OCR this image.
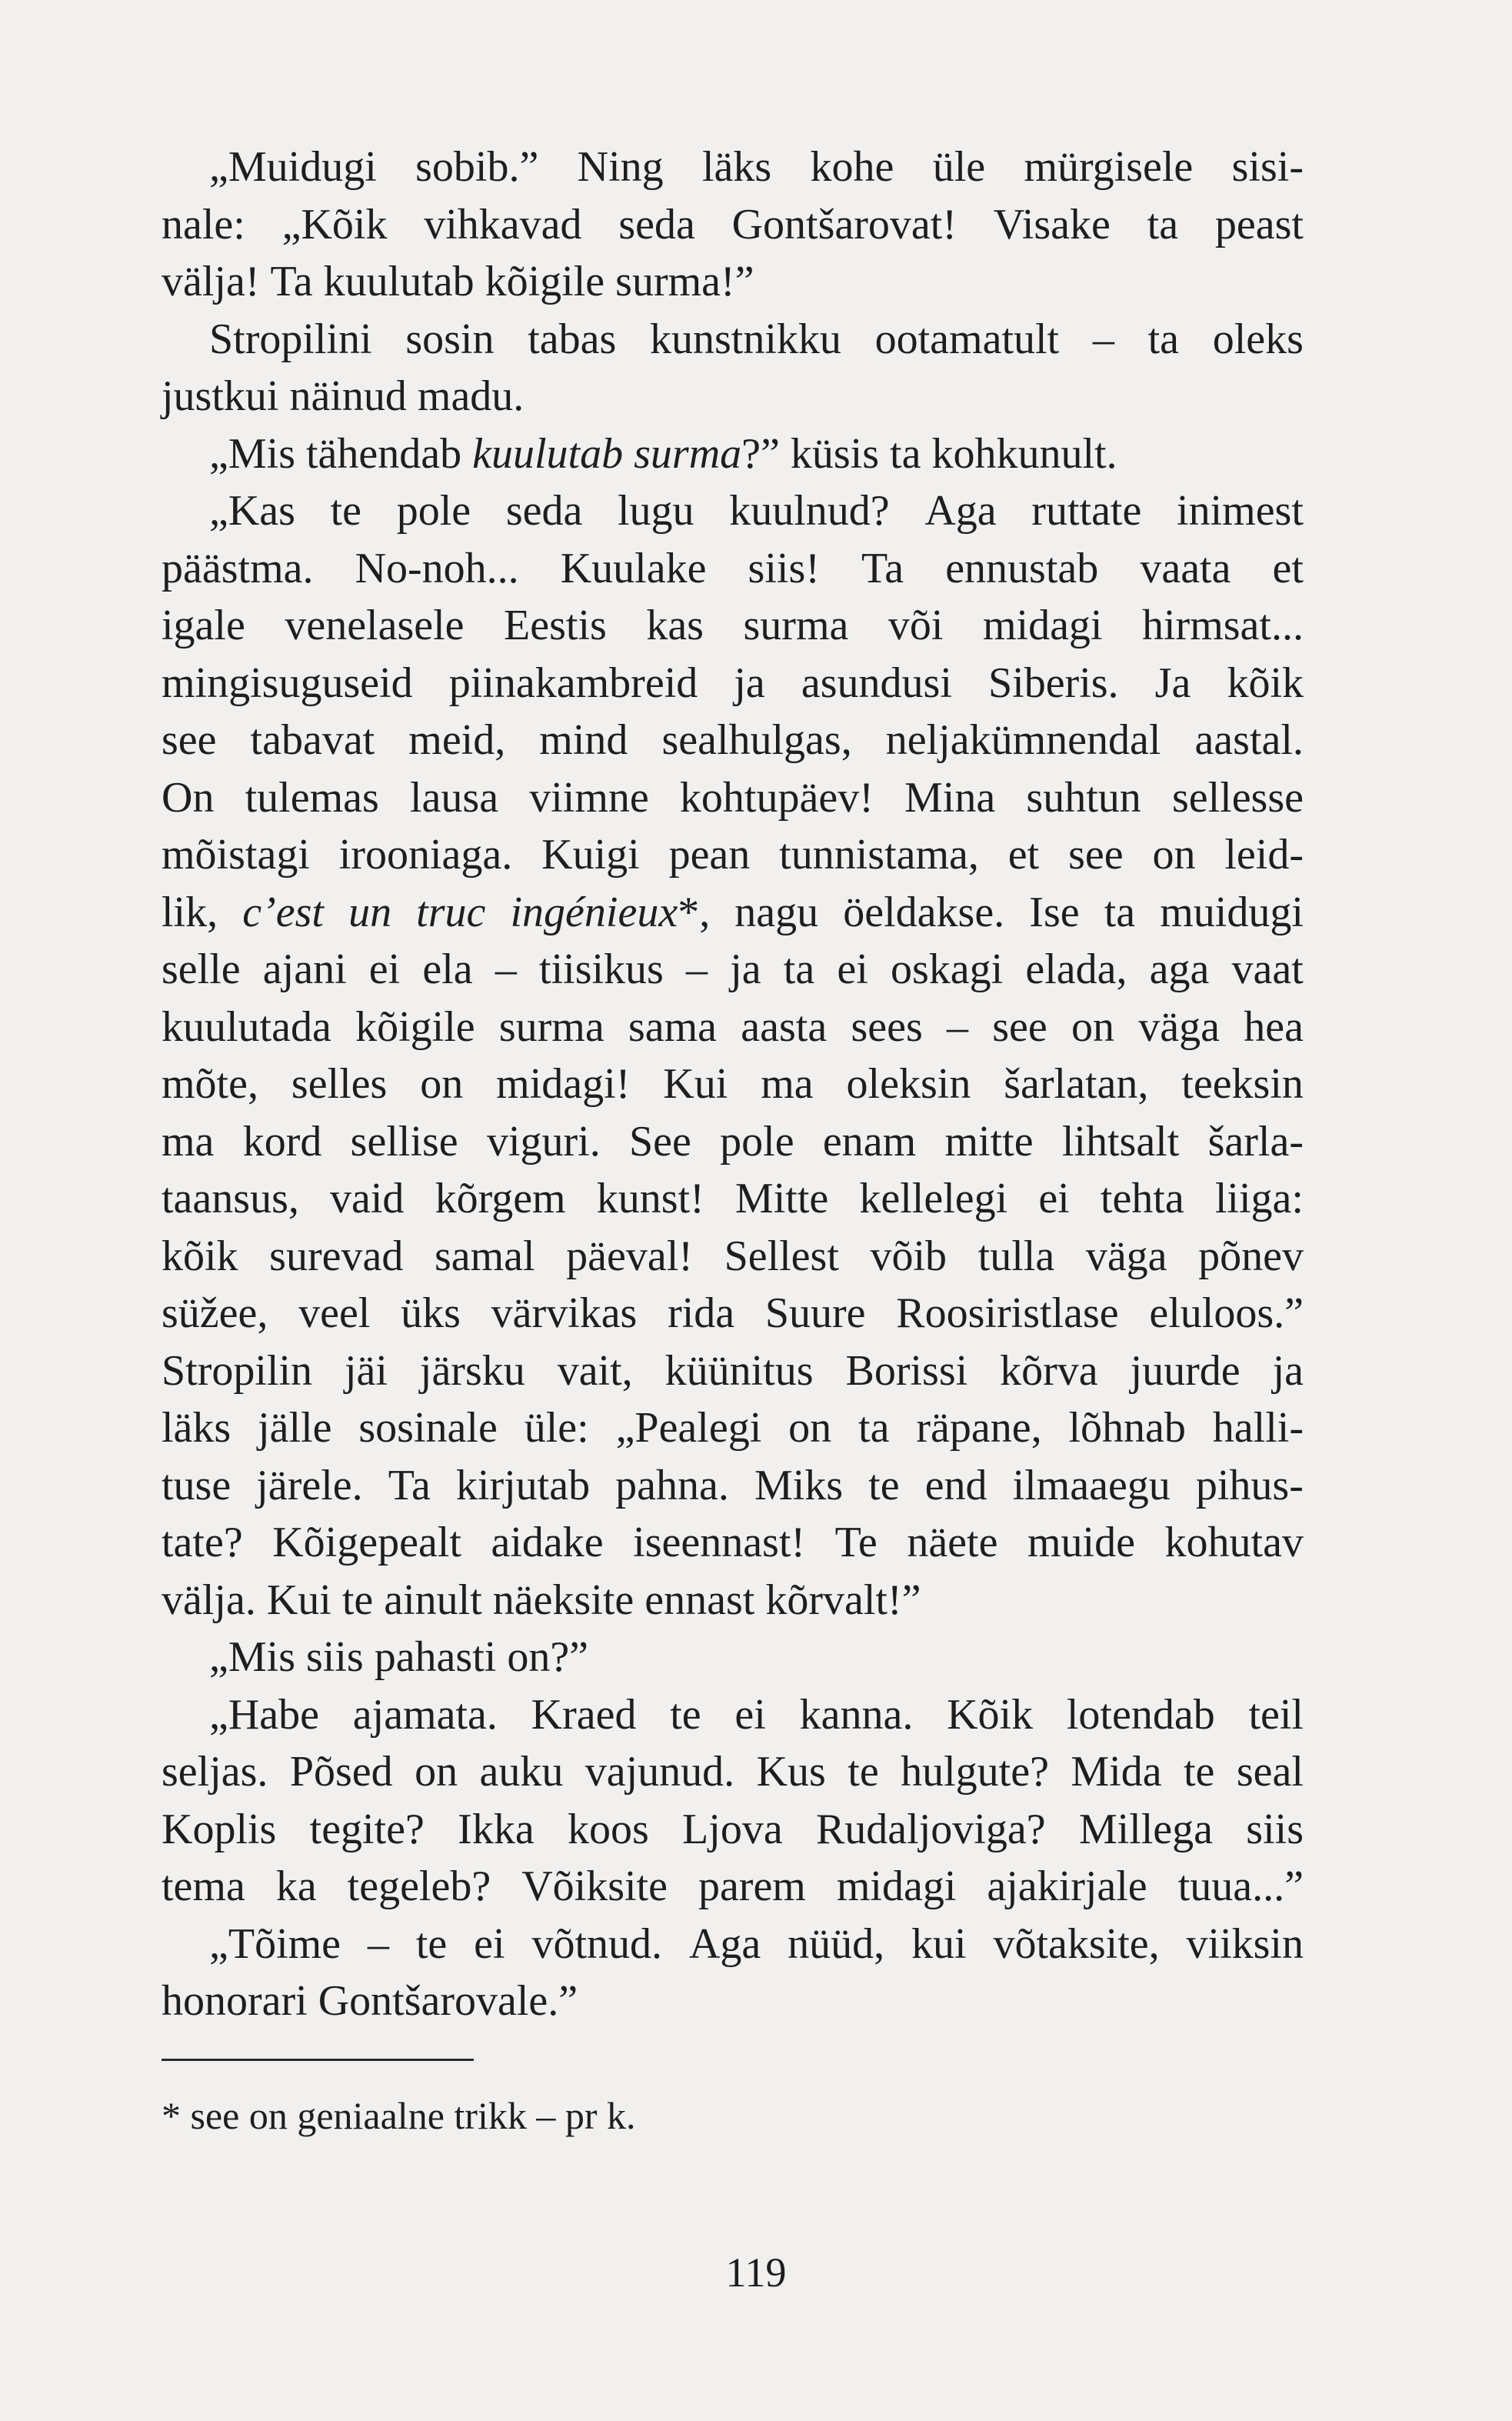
„Muidugi sobib.” Ning läks kohe üle mürgisele sisi-
nale: „Kõik vihkavad seda Gontšarovat! Visake ta peast
välja! Ta kuulutab kõigile surma!”
Stropilini sosin tabas kunstnikku ootamatult – ta oleks
justkui näinud madu.
„Mis tähendab kuulutab surma?” küsis ta kohkunult.
„Kas te pole seda lugu kuulnud? Aga ruttate inimest
päästma. No-noh... Kuulake siis! Ta ennustab vaata et
igale venelasele Eestis kas surma või midagi hirmsat...
mingisuguseid piinakambreid ja asundusi Siberis. Ja kõik
see tabavat meid, mind sealhulgas, neljakümnendal aastal.
On tulemas lausa viimne kohtupäev! Mina suhtun sellesse
mõistagi irooniaga. Kuigi pean tunnistama, et see on leid-
lik, c’est un truc ingénieux*, nagu öeldakse. Ise ta muidugi
selle ajani ei ela – tiisikus – ja ta ei oskagi elada, aga vaat
kuulutada kõigile surma sama aasta sees – see on väga hea
mõte, selles on midagi! Kui ma oleksin šarlatan, teeksin
ma kord sellise viguri. See pole enam mitte lihtsalt šarla-
taansus, vaid kõrgem kunst! Mitte kellelegi ei tehta liiga:
kõik surevad samal päeval! Sellest võib tulla väga põnev
süžee, veel üks värvikas rida Suure Roosiristlase eluloos.”
Stropilin jäi järsku vait, küünitus Borissi kõrva juurde ja
läks jälle sosinale üle: „Pealegi on ta räpane, lõhnab halli-
tuse järele. Ta kirjutab pahna. Miks te end ilmaaegu pihus-
tate? Kõigepealt aidake iseennast! Te näete muide kohutav
välja. Kui te ainult näeksite ennast kõrvalt!”
„Mis siis pahasti on?”
„Habe ajamata. Kraed te ei kanna. Kõik lotendab teil
seljas. Põsed on auku vajunud. Kus te hulgute? Mida te seal
Koplis tegite? Ikka koos Ljova Rudaljoviga? Millega siis
tema ka tegeleb? Võiksite parem midagi ajakirjale tuua...”
„Tõime – te ei võtnud. Aga nüüd, kui võtaksite, viiksin
honorari Gontšarovale.”
* see on geniaalne trikk – pr k.
119
